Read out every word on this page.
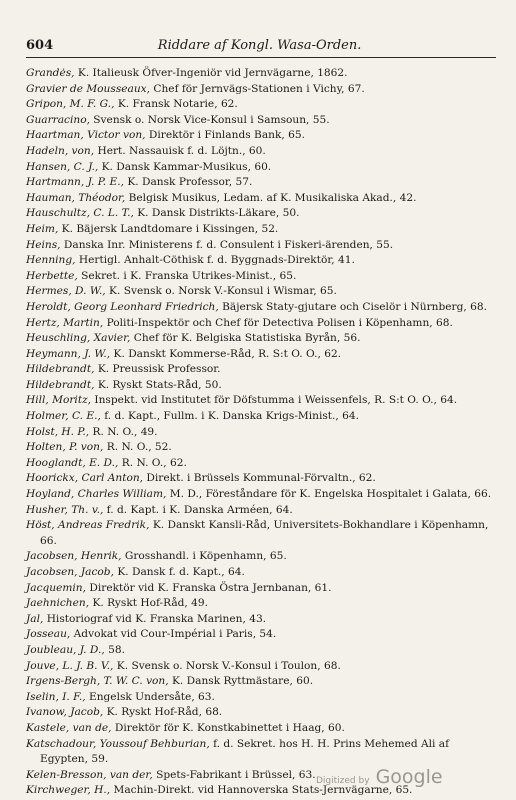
604	Riddare af Kongl. Wasa-Orden.
Grandės, K. Italieusk Öfver-Ingeniör vid Jernvägarne, 1862.
Gravier de Mousseaux, Chef för Jernvägs-Stationen i Vichy, 67.
Gripon, M. F. G., K. Fransk Notarie, 62.
Guarracino, Svensk o. Norsk Vice-Konsul i Samsoun, 55.
Haartman, Victor von, Direktör i Finlands Bank, 65.
Hadeln, von, Hert. Nassauisk f. d. Löjtn., 60.
Hansen, C. J., K. Dansk Kammar-Musikus, 60.
Hartmann, J. P. E., K. Dansk Professor, 57.
Hauman, Théodor, Belgisk Musikus, Ledam. af K. Musikaliska Akad., 42.
Hauschultz, C. L. T., K. Dansk Distrikts-Läkare, 50.
Heim, K. Bäjersk Landtdomare i Kissingen, 52.
Heins, Danska Inr. Ministerens f. d. Consulent i Fiskeri-ärenden, 55.
Henning, Hertigl. Anhalt-Cöthisk f. d. Byggnads-Direktör, 41.
Herbette, Sekret. i K. Franska Utrikes-Minist., 65.
Hermes, D. W., K. Svensk o. Norsk V.-Konsul i Wismar, 65.
Heroldt, Georg Leonhard Friedrich, Bäjersk Staty-gjutare och Ciselör i Nürnberg, 68.
Hertz, Martin, Politi-Inspektör och Chef för Detectiva Polisen i Köpenhamn, 68.
Heuschling, Xavier, Chef för K. Belgiska Statistiska Byrån, 56.
Heymann, J. W., K. Danskt Kommerse-Råd, R. S:t O. O., 62.
Hildebrandt, K. Preussisk Professor.
Hildebrandt, K. Ryskt Stats-Råd, 50.
Hill, Moritz, Inspekt. vid Institutet för Döfstumma i Weissenfels, R. S:t O. O., 64.
Holmer, C. E., f. d. Kapt., Fullm. i K. Danska Krigs-Minist., 64.
Holst, H. P., R. N. O., 49.
Holten, P. von, R. N. O., 52.
Hooglandt, E. D., R. N. O., 62.
Hoorickx, Carl Anton, Direkt. i Brüssels Kommunal-Förvaltn., 62.
Hoyland, Charles William, M. D., Föreståndare för K. Engelska Hospitalet i Galata, 66.
Husher, Th. v., f. d. Kapt. i K. Danska Arméen, 64.
Höst, Andreas Fredrik, K. Danskt Kansli-Råd, Universitets-Bokhandlare i Köpenhamn, 66.
Jacobsen, Henrik, Grosshandl. i Köpenhamn, 65.
Jacobsen, Jacob, K. Dansk f. d. Kapt., 64.
Jacquemin, Direktör vid K. Franska Östra Jernbanan, 61.
Jaehnichen, K. Ryskt Hof-Råd, 49.
Jal, Historiograf vid K. Franska Marinen, 43.
Josseau, Advokat vid Cour-Impérial i Paris, 54.
Joubleau, J. D., 58.
Jouve, L. J. B. V., K. Svensk o. Norsk V.-Konsul i Toulon, 68.
Irgens-Bergh, T. W. C. von, K. Dansk Ryttmästare, 60.
Iselin, I. F., Engelsk Undersåte, 63.
Ivanow, Jacob, K. Ryskt Hof-Råd, 68.
Kastele, van de, Direktör för K. Konstkabinettet i Haag, 60.
Katschadour, Youssouf Behburian, f. d. Sekret. hos H. H. Prins Mehemed Ali af Egypten, 59.
Kelen-Bresson, van der, Spets-Fabrikant i Brüssel, 63.
Kirchweger, H., Machin-Direkt. vid Hannoverska Stats-Jernvägarne, 65.
Digitized by Google
